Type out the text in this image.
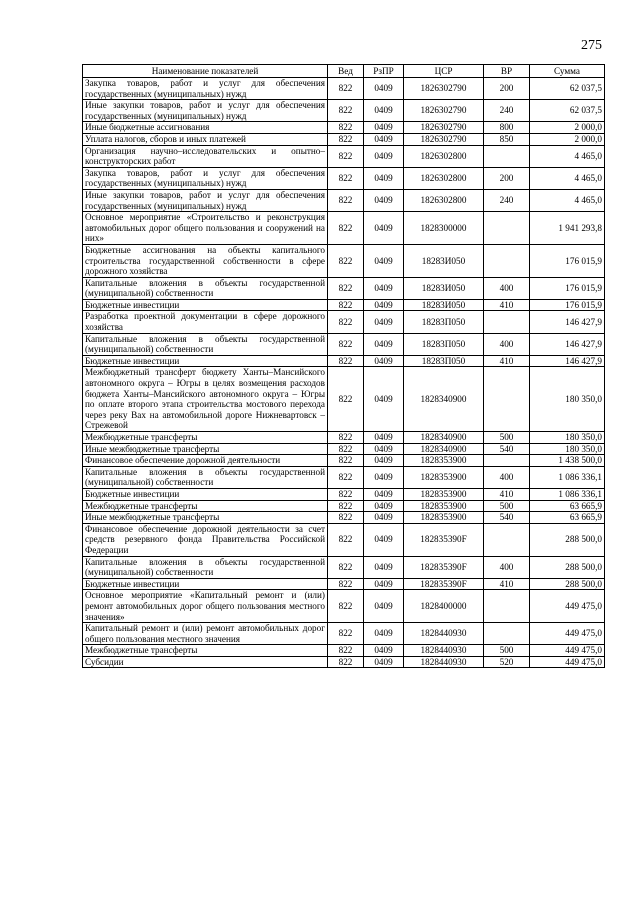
275
Наименование показателей	Вед	РзПР	ЦСР	ВР	Сумма
Закупка товаров, работ и услуг для обеспечения государственных (муниципальных) нужд	822	0409	1826302790	200	62 037,5
Иные закупки товаров, работ и услуг для обеспечения государственных (муниципальных) нужд	822	0409	1826302790	240	62 037,5
Иные бюджетные ассигнования	822	0409	1826302790	800	2 000,0
Уплата налогов, сборов и иных платежей	822	0409	1826302790	850	2 000,0
Организация научно–исследовательских и опытно–конструкторских работ	822	0409	1826302800		4 465,0
Закупка товаров, работ и услуг для обеспечения государственных (муниципальных) нужд	822	0409	1826302800	200	4 465,0
Иные закупки товаров, работ и услуг для обеспечения государственных (муниципальных) нужд	822	0409	1826302800	240	4 465,0
Основное мероприятие «Строительство и реконструкция автомобильных дорог общего пользования и сооружений на них»	822	0409	1828300000		1 941 293,8
Бюджетные ассигнования на объекты капитального строительства государственной собственности в сфере дорожного хозяйства	822	0409	18283И050		176 015,9
Капитальные вложения в объекты государственной (муниципальной) собственности	822	0409	18283И050	400	176 015,9
Бюджетные инвестиции	822	0409	18283И050	410	176 015,9
Разработка проектной документации в сфере дорожного хозяйства	822	0409	18283П050		146 427,9
Капитальные вложения в объекты государственной (муниципальной) собственности	822	0409	18283П050	400	146 427,9
Бюджетные инвестиции	822	0409	18283П050	410	146 427,9
Межбюджетный трансферт бюджету Ханты–Мансийского автономного округа – Югры в целях возмещения расходов бюджета Ханты–Мансийского автономного округа – Югры по оплате второго этапа строительства мостового перехода через реку Вах на автомобильной дороге Нижневартовск – Стрежевой	822	0409	1828340900		180 350,0
Межбюджетные трансферты	822	0409	1828340900	500	180 350,0
Иные межбюджетные трансферты	822	0409	1828340900	540	180 350,0
Финансовое обеспечение дорожной деятельности	822	0409	1828353900		1 438 500,0
Капитальные вложения в объекты государственной (муниципальной) собственности	822	0409	1828353900	400	1 086 336,1
Бюджетные инвестиции	822	0409	1828353900	410	1 086 336,1
Межбюджетные трансферты	822	0409	1828353900	500	63 665,9
Иные межбюджетные трансферты	822	0409	1828353900	540	63 665,9
Финансовое обеспечение дорожной деятельности за счет средств резервного фонда Правительства Российской Федерации	822	0409	182835390F		288 500,0
Капитальные вложения в объекты государственной (муниципальной) собственности	822	0409	182835390F	400	288 500,0
Бюджетные инвестиции	822	0409	182835390F	410	288 500,0
Основное мероприятие «Капитальный ремонт и (или) ремонт автомобильных дорог общего пользования местного значения»	822	0409	1828400000		449 475,0
Капитальный ремонт и (или) ремонт автомобильных дорог общего пользования местного значения	822	0409	1828440930		449 475,0
Межбюджетные трансферты	822	0409	1828440930	500	449 475,0
Субсидии	822	0409	1828440930	520	449 475,0
